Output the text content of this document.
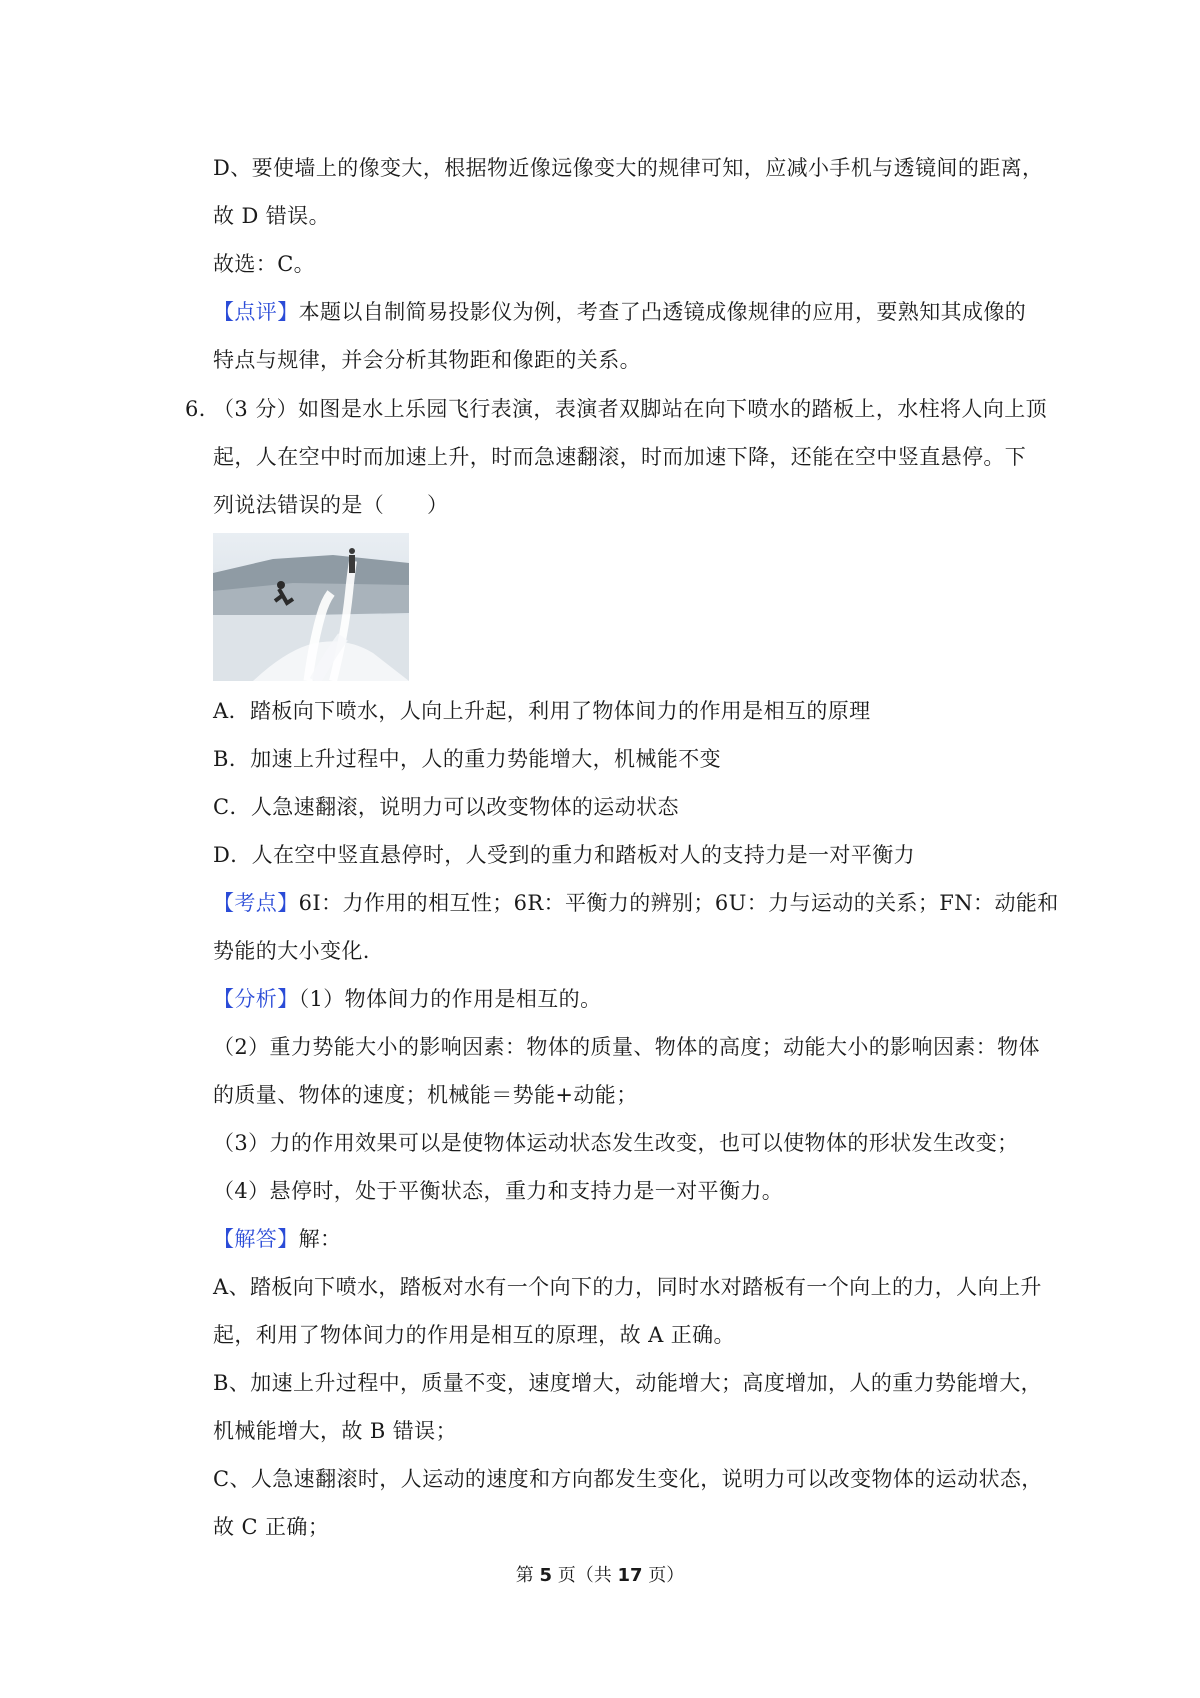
D、要使墙上的像变大，根据物近像远像变大的规律可知，应减小手机与透镜间的距离，
故 D 错误。
故选：C。
【点评】本题以自制简易投影仪为例，考查了凸透镜成像规律的应用，要熟知其成像的
特点与规律，并会分析其物距和像距的关系。
6．
（3 分）如图是水上乐园飞行表演，表演者双脚站在向下喷水的踏板上，水柱将人向上顶
起，人在空中时而加速上升，时而急速翻滚，时而加速下降，还能在空中竖直悬停。下
列说法错误的是（　　）
A．踏板向下喷水，人向上升起，利用了物体间力的作用是相互的原理
B．加速上升过程中，人的重力势能增大，机械能不变
C．人急速翻滚，说明力可以改变物体的运动状态
D．人在空中竖直悬停时，人受到的重力和踏板对人的支持力是一对平衡力
【考点】6I：力作用的相互性；6R：平衡力的辨别；6U：力与运动的关系；FN：动能和
势能的大小变化.
【分析】（1）物体间力的作用是相互的。
（2）重力势能大小的影响因素：物体的质量、物体的高度；动能大小的影响因素：物体
的质量、物体的速度；机械能＝势能+动能；
（3）力的作用效果可以是使物体运动状态发生改变，也可以使物体的形状发生改变；
（4）悬停时，处于平衡状态，重力和支持力是一对平衡力。
【解答】解：
A、踏板向下喷水，踏板对水有一个向下的力，同时水对踏板有一个向上的力，人向上升
起，利用了物体间力的作用是相互的原理，故 A 正确。
B、加速上升过程中，质量不变，速度增大，动能增大；高度增加，人的重力势能增大，
机械能增大，故 B 错误；
C、人急速翻滚时，人运动的速度和方向都发生变化，说明力可以改变物体的运动状态，
故 C 正确；
第 5 页（共 17 页）
